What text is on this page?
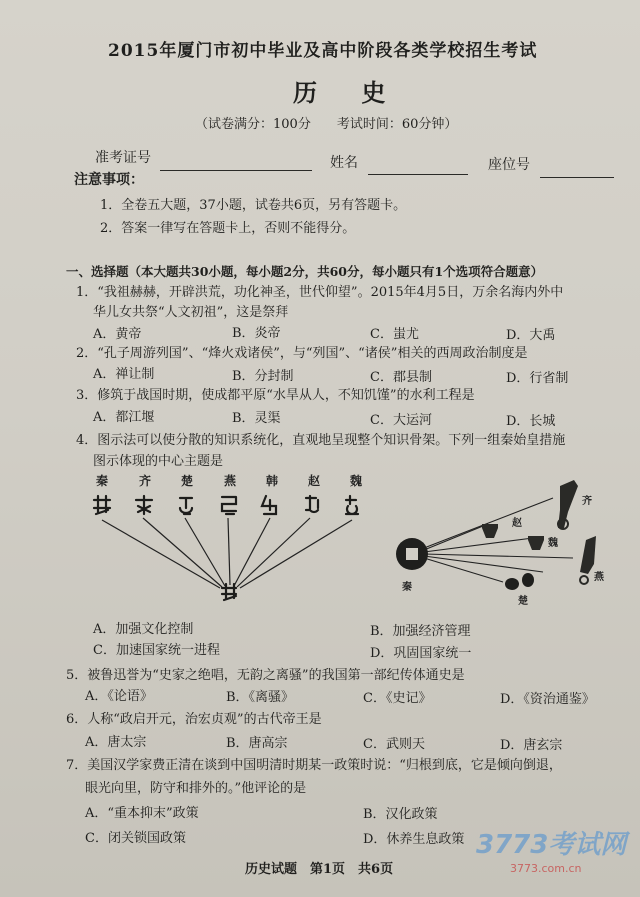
2015年厦门市初中毕业及高中阶段各类学校招生考试
历 史
（试卷满分：100分　　考试时间：60分钟）
准考证号	姓名	座位号
注意事项：
1．全卷五大题，37小题，试卷共6页，另有答题卡。
2．答案一律写在答题卡上，否则不能得分。
一、选择题（本大题共30小题，每小题2分，共60分，每小题只有1个选项符合题意）
1．“我祖赫赫，开辟洪荒，功化神圣，世代仰望”。2015年4月5日，万余名海内外中
华儿女共祭“人文初祖”，这是祭拜
A．黄帝	B．炎帝	C．蚩尤	D．大禹
2．“孔子周游列国”、“烽火戏诸侯”，与“列国”、“诸侯”相关的西周政治制度是
A．禅让制	B．分封制	C．郡县制	D．行省制
3．修筑于战国时期，使成都平原“水旱从人，不知饥馑”的水利工程是
A．都江堰	B．灵渠	C．大运河	D．长城
4．图示法可以使分散的知识系统化，直观地呈现整个知识骨架。下列一组秦始皇措施
图示体现的中心主题是
秦	齐 楚	燕 韩 赵 魏
齐
赵
魏
秦
燕
楚
A．加强文化控制	B．加强经济管理
C．加速国家统一进程	D．巩固国家统一
5．被鲁迅誉为“史家之绝唱，无韵之离骚”的我国第一部纪传体通史是
A．《论语》	B．《离骚》	C．《史记》	D．《资治通鉴》
6．人称“政启开元，治宏贞观”的古代帝王是
A．唐太宗	B．唐高宗	C．武则天	D．唐玄宗
7．美国汉学家费正清在谈到中国明清时期某一政策时说：“归根到底，它是倾向倒退，
眼光向里，防守和排外的。”他评论的是
A．“重本抑末”政策	B．汉化政策
C．闭关锁国政策	D．休养生息政策
历史试题　第1页　共6页
3773考试网
3773.com.cn
